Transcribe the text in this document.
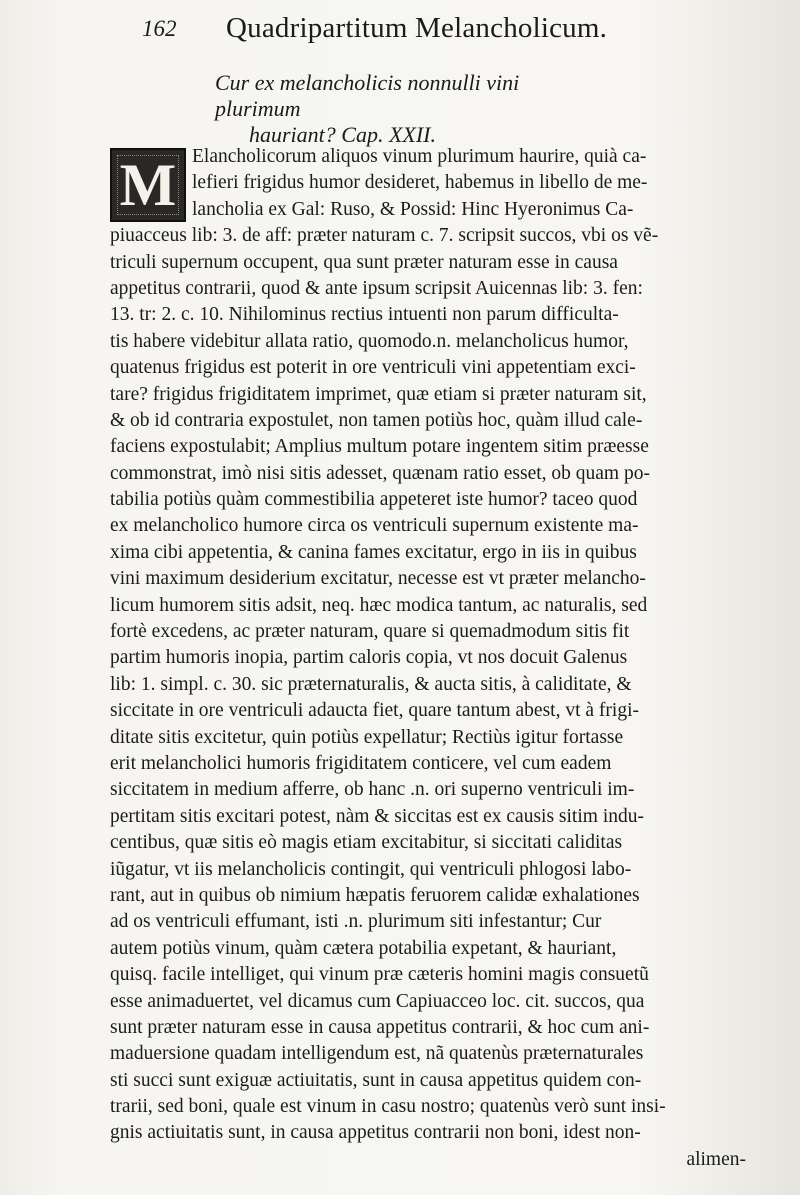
162 Quadripartitum Melancholicum.
Cur ex melancholicis nonnulli vini plurimum
hauriant? Cap. XXII.
M Elancholicorum aliquos vinum plurimum haurire, quià ca-
lefieri frigidus humor desideret, habemus in libello de me-
lancholia ex Gal: Ruso, & Possid: Hinc Hyeronimus Ca-
piuacceus lib: 3. de aff: præter naturam c. 7. scripsit succos, vbi os vẽ-
triculi supernum occupent, qua sunt præter naturam esse in causa
appetitus contrarii, quod & ante ipsum scripsit Auicennas lib: 3. fen:
13. tr: 2. c. 10. Nihilominus rectius intuenti non parum difficulta-
tis habere videbitur allata ratio, quomodo.n. melancholicus humor,
quatenus frigidus est poterit in ore ventriculi vini appetentiam exci-
tare? frigidus frigiditatem imprimet, quæ etiam si præter naturam sit,
& ob id contraria expostulet, non tamen potiùs hoc, quàm illud cale-
faciens expostulabit; Amplius multum potare ingentem sitim præesse
commonstrat, imò nisi sitis adesset, quænam ratio esset, ob quam po-
tabilia potiùs quàm commestibilia appeteret iste humor? taceo quod
ex melancholico humore circa os ventriculi supernum existente ma-
xima cibi appetentia, & canina fames excitatur, ergo in iis in quibus
vini maximum desiderium excitatur, necesse est vt præter melancho-
licum humorem sitis adsit, neq. hæc modica tantum, ac naturalis, sed
fortè excedens, ac præter naturam, quare si quemadmodum sitis fit
partim humoris inopia, partim caloris copia, vt nos docuit Galenus
lib: 1. simpl. c. 30. sic præternaturalis, & aucta sitis, à caliditate, &
siccitate in ore ventriculi adaucta fiet, quare tantum abest, vt à frigi-
ditate sitis excitetur, quin potiùs expellatur; Rectiùs igitur fortasse
erit melancholici humoris frigiditatem conticere, vel cum eadem
siccitatem in medium afferre, ob hanc .n. ori superno ventriculi im-
pertitam sitis excitari potest, nàm & siccitas est ex causis sitim indu-
centibus, quæ sitis eò magis etiam excitabitur, si siccitati caliditas
iũgatur, vt iis melancholicis contingit, qui ventriculi phlogosi labo-
rant, aut in quibus ob nimium hæpatis feruorem calidæ exhalationes
ad os ventriculi effumant, isti .n. plurimum siti infestantur; Cur
autem potiùs vinum, quàm cætera potabilia expetant, & hauriant,
quisq. facile intelliget, qui vinum præ cæteris homini magis consuetũ
esse animaduertet, vel dicamus cum Capiuacceo loc. cit. succos, qua
sunt præter naturam esse in causa appetitus contrarii, & hoc cum ani-
maduersione quadam intelligendum est, nã quatenùs præternaturales
sti succi sunt exiguæ actiuitatis, sunt in causa appetitus quidem con-
trarii, sed boni, quale est vinum in casu nostro; quatenùs verò sunt insi-
gnis actiuitatis sunt, in causa appetitus contrarii non boni, idest non-
alimen-
